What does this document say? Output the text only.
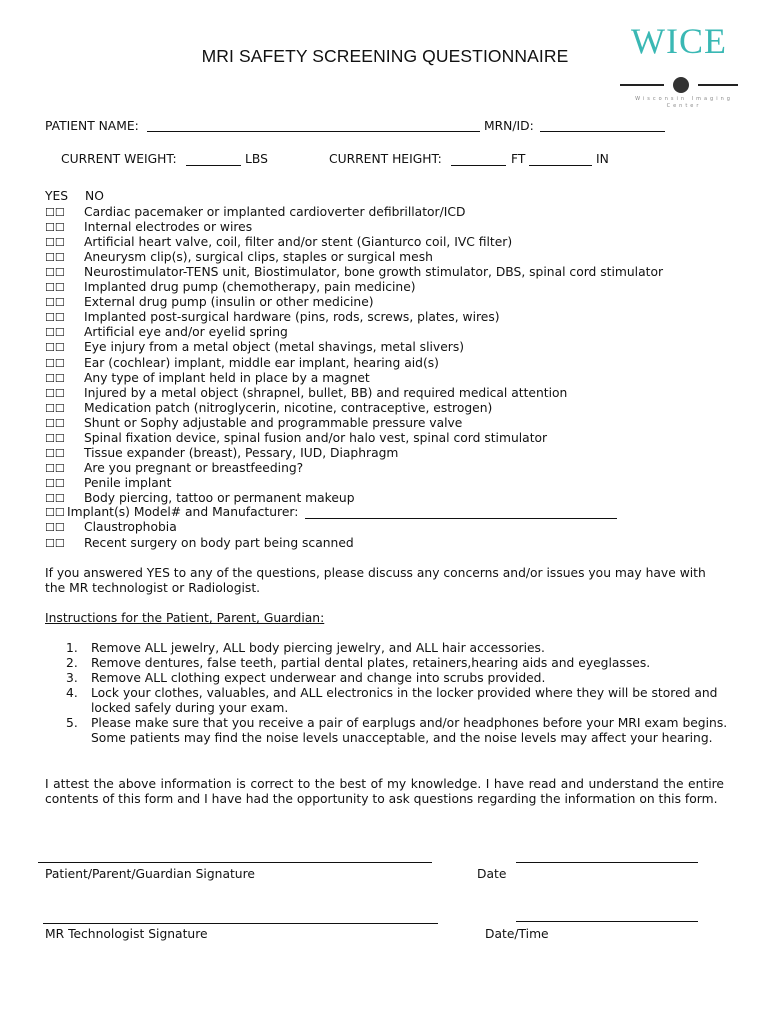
MRI SAFETY SCREENING QUESTIONNAIRE	WICE
Wisconsin Imaging Center
PATIENT NAME:	MRN/ID:
CURRENT WEIGHT:	LBS	CURRENT HEIGHT:	FT	IN
YES NO
☐☐ Cardiac pacemaker or implanted cardioverter defibrillator/ICD
☐☐ Internal electrodes or wires
☐☐ Artificial heart valve, coil, filter and/or stent (Gianturco coil, IVC filter)
☐☐ Aneurysm clip(s), surgical clips, staples or surgical mesh
☐☐ Neurostimulator-TENS unit, Biostimulator, bone growth stimulator, DBS, spinal cord stimulator
☐☐ Implanted drug pump (chemotherapy, pain medicine)
☐☐ External drug pump (insulin or other medicine)
☐☐ Implanted post-surgical hardware (pins, rods, screws, plates, wires)
☐☐ Artificial eye and/or eyelid spring
☐☐ Eye injury from a metal object (metal shavings, metal slivers)
☐☐ Ear (cochlear) implant, middle ear implant, hearing aid(s)
☐☐ Any type of implant held in place by a magnet
☐☐ Injured by a metal object (shrapnel, bullet, BB) and required medical attention
☐☐ Medication patch (nitroglycerin, nicotine, contraceptive, estrogen)
☐☐ Shunt or Sophy adjustable and programmable pressure valve
☐☐ Spinal fixation device, spinal fusion and/or halo vest, spinal cord stimulator
☐☐ Tissue expander (breast), Pessary, IUD, Diaphragm
☐☐ Are you pregnant or breastfeeding?
☐☐ Penile implant
☐☐ Body piercing, tattoo or permanent makeup
☐☐ Implant(s) Model# and Manufacturer:
☐☐ Claustrophobia
☐☐ Recent surgery on body part being scanned
If you answered YES to any of the questions, please discuss any concerns and/or issues you may have with the MR technologist or Radiologist.
Instructions for the Patient, Parent, Guardian:
1. Remove ALL jewelry, ALL body piercing jewelry, and ALL hair accessories.
2. Remove dentures, false teeth, partial dental plates, retainers,hearing aids and eyeglasses.
3. Remove ALL clothing expect underwear and change into scrubs provided.
4. Lock your clothes, valuables, and ALL electronics in the locker provided where they will be stored and locked safely during your exam.
5. Please make sure that you receive a pair of earplugs and/or headphones before your MRI exam begins. Some patients may find the noise levels unacceptable, and the noise levels may affect your hearing.
I attest the above information is correct to the best of my knowledge. I have read and understand the entire contents of this form and I have had the opportunity to ask questions regarding the information on this form.
Patient/Parent/Guardian Signature	Date
MR Technologist Signature	Date/Time
